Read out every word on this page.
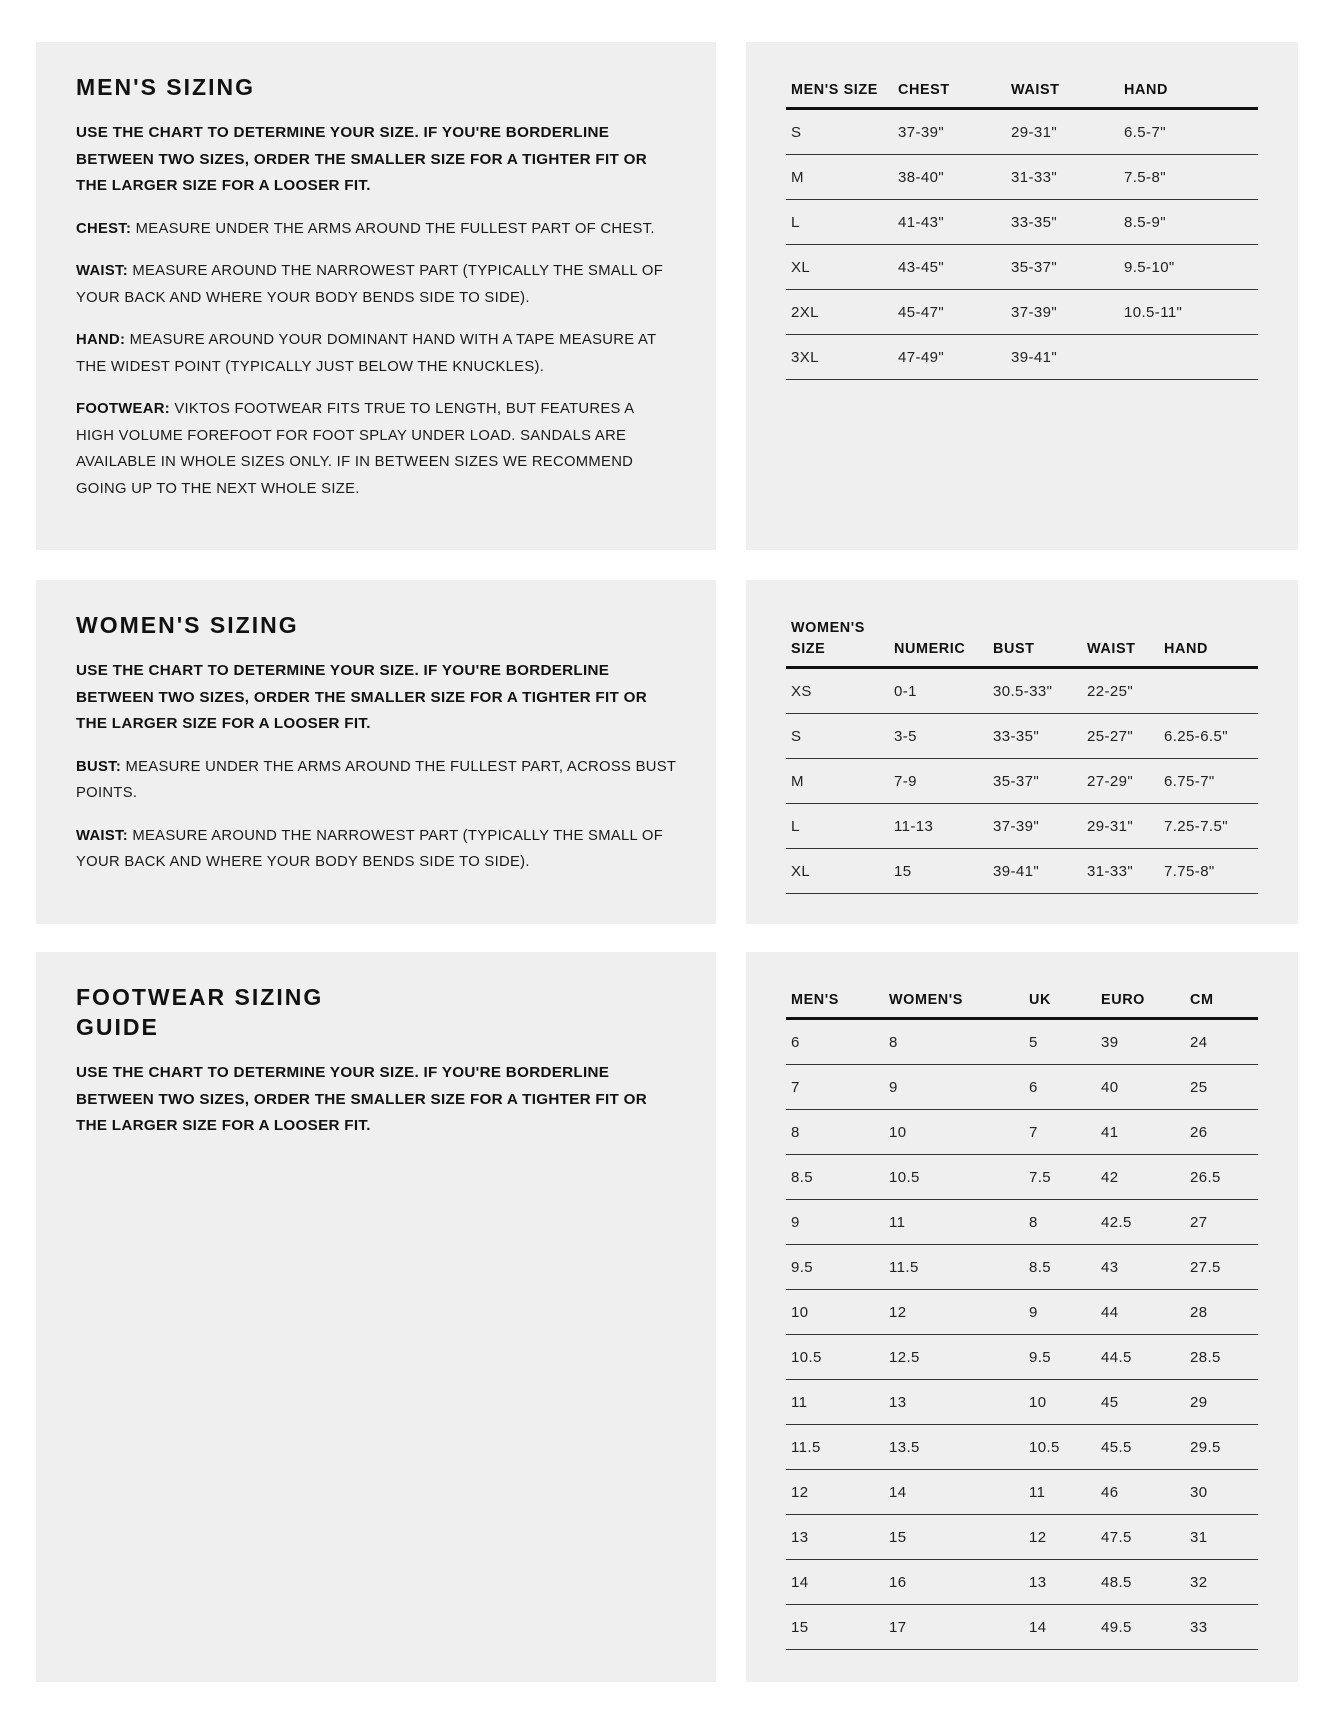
MEN'S SIZING

USE THE CHART TO DETERMINE YOUR SIZE. IF YOU'RE BORDERLINE BETWEEN TWO SIZES, ORDER THE SMALLER SIZE FOR A TIGHTER FIT OR THE LARGER SIZE FOR A LOOSER FIT.

CHEST: MEASURE UNDER THE ARMS AROUND THE FULLEST PART OF CHEST.

WAIST: MEASURE AROUND THE NARROWEST PART (TYPICALLY THE SMALL OF YOUR BACK AND WHERE YOUR BODY BENDS SIDE TO SIDE).

HAND: MEASURE AROUND YOUR DOMINANT HAND WITH A TAPE MEASURE AT THE WIDEST POINT (TYPICALLY JUST BELOW THE KNUCKLES).

FOOTWEAR: VIKTOS FOOTWEAR FITS TRUE TO LENGTH, BUT FEATURES A HIGH VOLUME FOREFOOT FOR FOOT SPLAY UNDER LOAD. SANDALS ARE AVAILABLE IN WHOLE SIZES ONLY. IF IN BETWEEN SIZES WE RECOMMEND GOING UP TO THE NEXT WHOLE SIZE.

MEN'S SIZE	CHEST	WAIST	HAND
S	37-39"	29-31"	6.5-7"
M	38-40"	31-33"	7.5-8"
L	41-43"	33-35"	8.5-9"
XL	43-45"	35-37"	9.5-10"
2XL	45-47"	37-39"	10.5-11"
3XL	47-49"	39-41"	
WOMEN'S SIZING

USE THE CHART TO DETERMINE YOUR SIZE. IF YOU'RE BORDERLINE BETWEEN TWO SIZES, ORDER THE SMALLER SIZE FOR A TIGHTER FIT OR THE LARGER SIZE FOR A LOOSER FIT.

BUST: MEASURE UNDER THE ARMS AROUND THE FULLEST PART, ACROSS BUST POINTS.

WAIST: MEASURE AROUND THE NARROWEST PART (TYPICALLY THE SMALL OF YOUR BACK AND WHERE YOUR BODY BENDS SIDE TO SIDE).

WOMEN'S SIZE	NUMERIC	BUST	WAIST	HAND
XS	0-1	30.5-33"	22-25"	
S	3-5	33-35"	25-27"	6.25-6.5"
M	7-9	35-37"	27-29"	6.75-7"
L	11-13	37-39"	29-31"	7.25-7.5"
XL	15	39-41"	31-33"	7.75-8"
FOOTWEAR SIZING GUIDE

USE THE CHART TO DETERMINE YOUR SIZE. IF YOU'RE BORDERLINE BETWEEN TWO SIZES, ORDER THE SMALLER SIZE FOR A TIGHTER FIT OR THE LARGER SIZE FOR A LOOSER FIT.

MEN'S	WOMEN'S	UK	EURO	CM
6	8	5	39	24
7	9	6	40	25
8	10	7	41	26
8.5	10.5	7.5	42	26.5
9	11	8	42.5	27
9.5	11.5	8.5	43	27.5
10	12	9	44	28
10.5	12.5	9.5	44.5	28.5
11	13	10	45	29
11.5	13.5	10.5	45.5	29.5
12	14	11	46	30
13	15	12	47.5	31
14	16	13	48.5	32
15	17	14	49.5	33
